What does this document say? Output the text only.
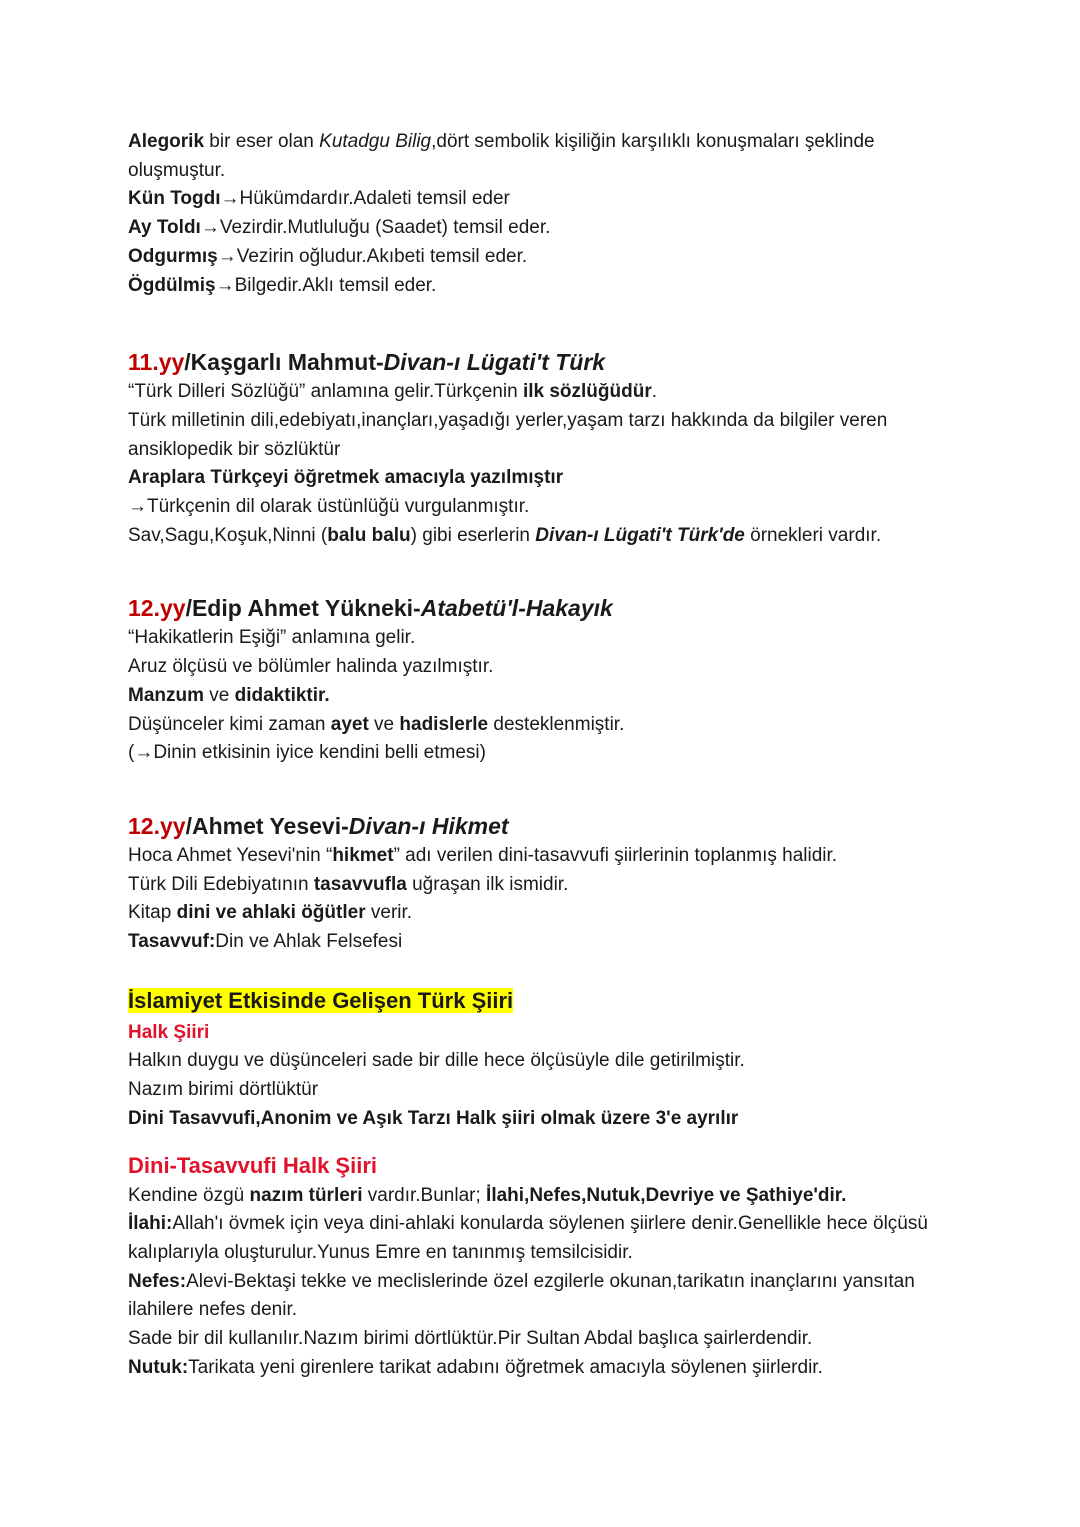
Alegorik bir eser olan Kutadgu Bilig,dört sembolik kişiliğin karşılıklı konuşmaları şeklinde oluşmuştur.

Kün Togdı→Hükümdardır.Adaleti temsil eder

Ay Toldı→Vezirdir.Mutluluğu (Saadet) temsil eder.

Odgurmış→Vezirin oğludur.Akıbeti temsil eder.

Ögdülmiş→Bilgedir.Aklı temsil eder.

11.yy/Kaşgarlı Mahmut-Divan-ı Lügati't Türk

“Türk Dilleri Sözlüğü” anlamına gelir.Türkçenin ilk sözlüğüdür.

Türk milletinin dili,edebiyatı,inançları,yaşadığı yerler,yaşam tarzı hakkında da bilgiler veren ansiklopedik bir sözlüktür

Araplara Türkçeyi öğretmek amacıyla yazılmıştır

→Türkçenin dil olarak üstünlüğü vurgulanmıştır.

Sav,Sagu,Koşuk,Ninni (balu balu) gibi eserlerin Divan-ı Lügati't Türk'de örnekleri vardır.

12.yy/Edip Ahmet Yükneki-Atabetü'l-Hakayık

“Hakikatlerin Eşiği” anlamına gelir.

Aruz ölçüsü ve bölümler halinda yazılmıştır.

Manzum ve didaktiktir.

Düşünceler kimi zaman ayet ve hadislerle desteklenmiştir.

(→Dinin etkisinin iyice kendini belli etmesi)

12.yy/Ahmet Yesevi-Divan-ı Hikmet

Hoca Ahmet Yesevi'nin “hikmet” adı verilen dini-tasavvufi şiirlerinin toplanmış halidir.

Türk Dili Edebiyatının tasavvufla uğraşan ilk ismidir.

Kitap dini ve ahlaki öğütler verir.

Tasavvuf:Din ve Ahlak Felsefesi

İslamiyet Etkisinde Gelişen Türk Şiiri

Halk Şiiri

Halkın duygu ve düşünceleri sade bir dille hece ölçüsüyle dile getirilmiştir.

Nazım birimi dörtlüktür

Dini Tasavvufi,Anonim ve Aşık Tarzı Halk şiiri olmak üzere 3'e ayrılır

Dini-Tasavvufi Halk Şiiri

Kendine özgü nazım türleri vardır.Bunlar; İlahi,Nefes,Nutuk,Devriye ve Şathiye'dir.

İlahi:Allah'ı övmek için veya dini-ahlaki konularda söylenen şiirlere denir.Genellikle hece ölçüsü kalıplarıyla oluşturulur.Yunus Emre en tanınmış temsilcisidir.

Nefes:Alevi-Bektaşi tekke ve meclislerinde özel ezgilerle okunan,tarikatın inançlarını yansıtan ilahilere nefes denir.

Sade bir dil kullanılır.Nazım birimi dörtlüktür.Pir Sultan Abdal başlıca şairlerdendir.

Nutuk:Tarikata yeni girenlere tarikat adabını öğretmek amacıyla söylenen şiirlerdir.
